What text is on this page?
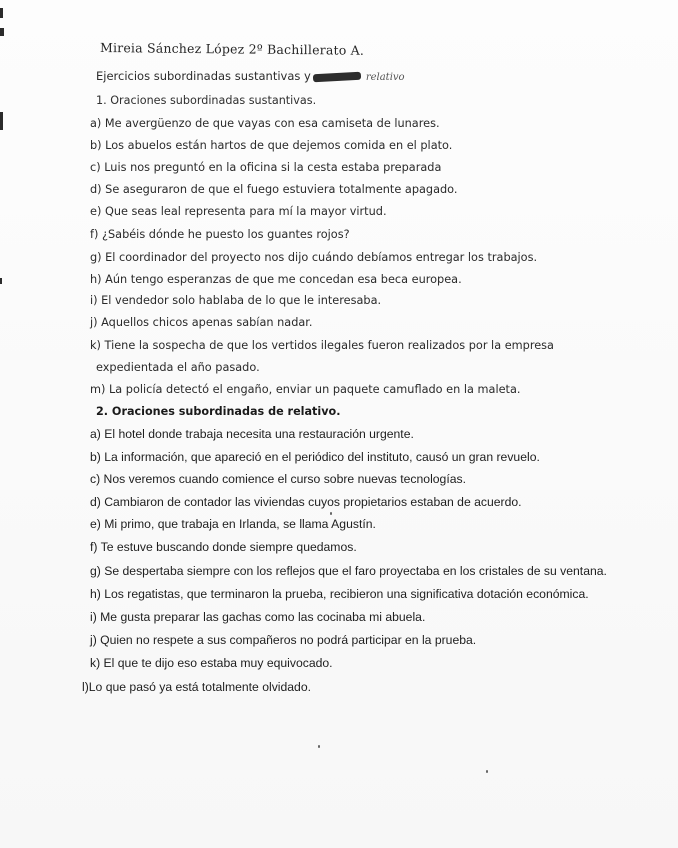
Mireia Sánchez López 2º Bachillerato A.
Ejercicios subordinadas sustantivas y	relativo
1. Oraciones subordinadas sustantivas.
a) Me avergüenzo de que vayas con esa camiseta de lunares.
b) Los abuelos están hartos de que dejemos comida en el plato.
c) Luis nos preguntó en la oficina si la cesta estaba preparada
d) Se aseguraron de que el fuego estuviera totalmente apagado.
e) Que seas leal representa para mí la mayor virtud.
f) ¿Sabéis dónde he puesto los guantes rojos?
g) El coordinador del proyecto nos dijo cuándo debíamos entregar los trabajos.
h) Aún tengo esperanzas de que me concedan esa beca europea.
i) El vendedor solo hablaba de lo que le interesaba.
j) Aquellos chicos apenas sabían nadar.
k) Tiene la sospecha de que los vertidos ilegales fueron realizados por la empresa
expedientada el año pasado.
m) La policía detectó el engaño, enviar un paquete camuflado en la maleta.
2. Oraciones subordinadas de relativo.
a) El hotel donde trabaja necesita una restauración urgente.
b) La información, que apareció en el periódico del instituto, causó un gran revuelo.
c) Nos veremos cuando comience el curso sobre nuevas tecnologías.
d) Cambiaron de contador las viviendas cuyos propietarios estaban de acuerdo.
e) Mi primo, que trabaja en Irlanda, se llama Agustín.
f) Te estuve buscando donde siempre quedamos.
g) Se despertaba siempre con los reflejos que el faro proyectaba en los cristales de su ventana.
h) Los regatistas, que terminaron la prueba, recibieron una significativa dotación económica.
i) Me gusta preparar las gachas como las cocinaba mi abuela.
j) Quien no respete a sus compañeros no podrá participar en la prueba.
k) El que te dijo eso estaba muy equivocado.
l)Lo que pasó ya está totalmente olvidado.
